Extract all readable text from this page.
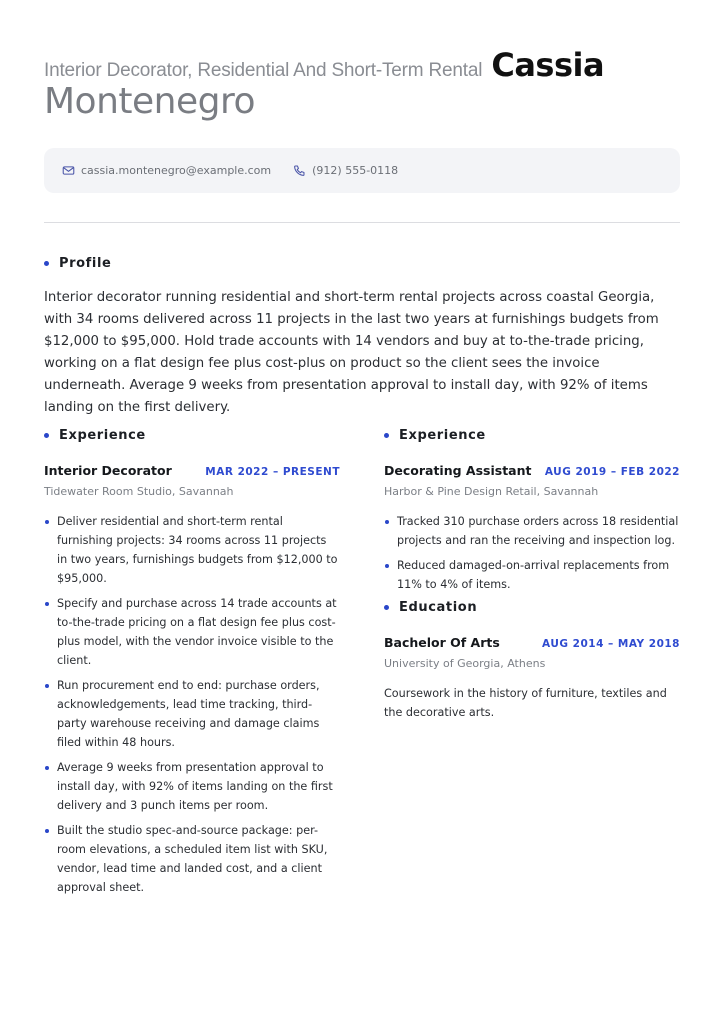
Interior Decorator, Residential And Short-Term Rental Cassia
Montenegro
cassia.montenegro@example.com	(912) 555-0118
Profile
Interior decorator running residential and short-term rental projects across coastal Georgia, with 34 rooms delivered across 11 projects in the last two years at furnishings budgets from $12,000 to $95,000. Hold trade accounts with 14 vendors and buy at to-the-trade pricing, working on a flat design fee plus cost-plus on product so the client sees the invoice underneath. Average 9 weeks from presentation approval to install day, with 92% of items landing on the first delivery.
Experience
Interior Decorator	MAR 2022 – PRESENT
Tidewater Room Studio, Savannah
Deliver residential and short-term rental furnishing projects: 34 rooms across 11 projects in two years, furnishings budgets from $12,000 to $95,000.
Specify and purchase across 14 trade accounts at to-the-trade pricing on a flat design fee plus cost-plus model, with the vendor invoice visible to the client.
Run procurement end to end: purchase orders, acknowledgements, lead time tracking, third-party warehouse receiving and damage claims filed within 48 hours.
Average 9 weeks from presentation approval to install day, with 92% of items landing on the first delivery and 3 punch items per room.
Built the studio spec-and-source package: per-room elevations, a scheduled item list with SKU, vendor, lead time and landed cost, and a client approval sheet.
Experience
Decorating Assistant AUG 2019 – FEB 2022
Harbor & Pine Design Retail, Savannah
Tracked 310 purchase orders across 18 residential projects and ran the receiving and inspection log.
Reduced damaged-on-arrival replacements from 11% to 4% of items.
Education
Bachelor Of Arts	AUG 2014 – MAY 2018
University of Georgia, Athens
Coursework in the history of furniture, textiles and the decorative arts.
